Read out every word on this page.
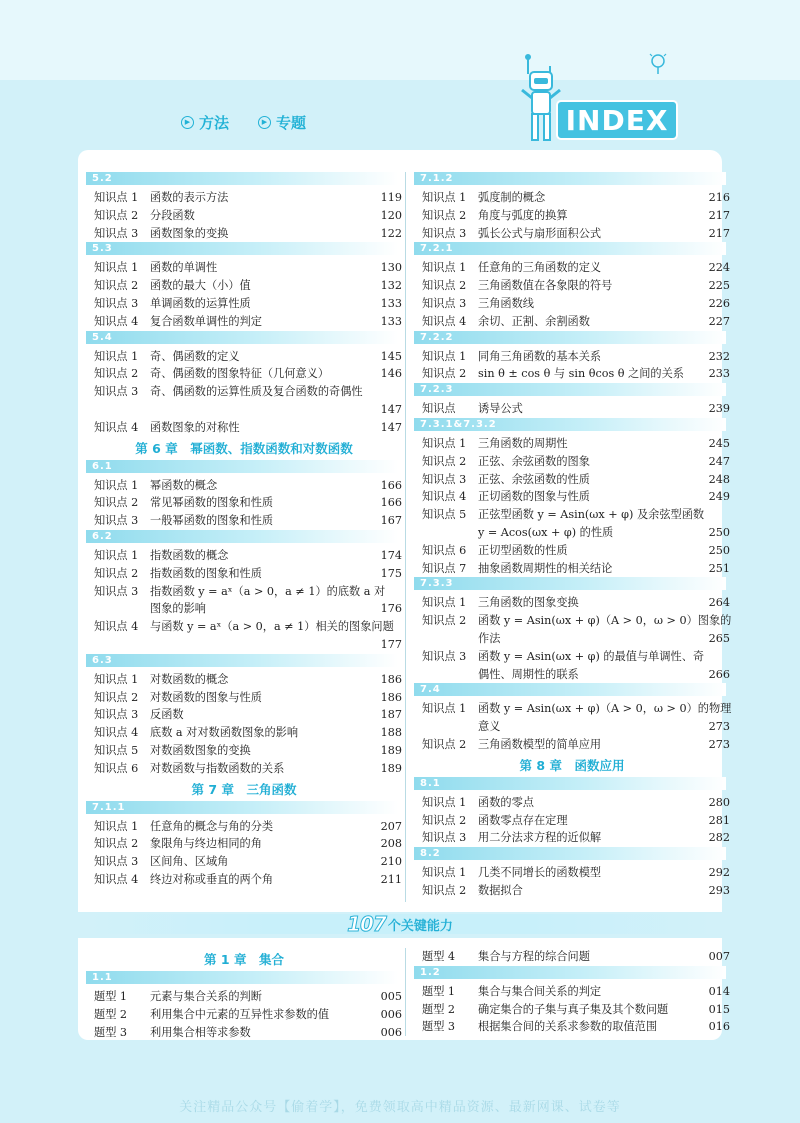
▶ 方法	▶ 专题	INDEX
5.2
知识点 1	函数的表示方法	119
知识点 2	分段函数	120
知识点 3	函数图象的变换	122
5.3
知识点 1	函数的单调性	130
知识点 2	函数的最大（小）值	132
知识点 3	单调函数的运算性质	133
知识点 4	复合函数单调性的判定	133
5.4
知识点 1	奇、偶函数的定义	145
知识点 2	奇、偶函数的图象特征（几何意义）	146
知识点 3	奇、偶函数的运算性质及复合函数的奇偶性
147
知识点 4	函数图象的对称性	147
第 6 章　幂函数、指数函数和对数函数
6.1
知识点 1	幂函数的概念	166
知识点 2	常见幂函数的图象和性质	166
知识点 3	一般幂函数的图象和性质	167
6.2
知识点 1	指数函数的概念	174
知识点 2	指数函数的图象和性质	175
知识点 3	指数函数 y = aˣ（a > 0，a ≠ 1）的底数 a 对
图象的影响	176
知识点 4	与函数 y = aˣ（a > 0，a ≠ 1）相关的图象问题
177
6.3
知识点 1	对数函数的概念	186
知识点 2	对数函数的图象与性质	186
知识点 3	反函数	187
知识点 4	底数 a 对对数函数图象的影响	188
知识点 5	对数函数图象的变换	189
知识点 6	对数函数与指数函数的关系	189
第 7 章　三角函数
7.1.1
知识点 1	任意角的概念与角的分类	207
知识点 2	象限角与终边相同的角	208
知识点 3	区间角、区域角	210
知识点 4	终边对称或垂直的两个角	211
7.1.2
知识点 1	弧度制的概念	216
知识点 2	角度与弧度的换算	217
知识点 3	弧长公式与扇形面积公式	217
7.2.1
知识点 1	任意角的三角函数的定义	224
知识点 2	三角函数值在各象限的符号	225
知识点 3	三角函数线	226
知识点 4	余切、正割、余割函数	227
7.2.2
知识点 1	同角三角函数的基本关系	232
知识点 2	sin θ ± cos θ 与 sin θcos θ 之间的关系	233
7.2.3
知识点	诱导公式	239
7.3.1&7.3.2
知识点 1	三角函数的周期性	245
知识点 2	正弦、余弦函数的图象	247
知识点 3	正弦、余弦函数的性质	248
知识点 4	正切函数的图象与性质	249
知识点 5	正弦型函数 y = Asin(ωx + φ) 及余弦型函数
y = Acos(ωx + φ) 的性质	250
知识点 6	正切型函数的性质	250
知识点 7	抽象函数周期性的相关结论	251
7.3.3
知识点 1	三角函数的图象变换	264
知识点 2	函数 y = Asin(ωx + φ)（A > 0，ω > 0）图象的
作法	265
知识点 3	函数 y = Asin(ωx + φ) 的最值与单调性、奇
偶性、周期性的联系	266
7.4
知识点 1	函数 y = Asin(ωx + φ)（A > 0，ω > 0）的物理
意义	273
知识点 2	三角函数模型的简单应用	273
第 8 章　函数应用
8.1
知识点 1	函数的零点	280
知识点 2	函数零点存在定理	281
知识点 3	用二分法求方程的近似解	282
8.2
知识点 1	几类不同增长的函数模型	292
知识点 2	数据拟合	293
107 个关键能力
第 1 章　集合
1.1
题型 1	元素与集合关系的判断	005
题型 2	利用集合中元素的互异性求参数的值	006
题型 3	利用集合相等求参数	006
题型 4	集合与方程的综合问题	007
1.2
题型 1	集合与集合间关系的判定	014
题型 2	确定集合的子集与真子集及其个数问题	015
题型 3	根据集合间的关系求参数的取值范围	016
关注精品公众号【偷着学】，免费领取高中精品资源、最新网课、试卷等
